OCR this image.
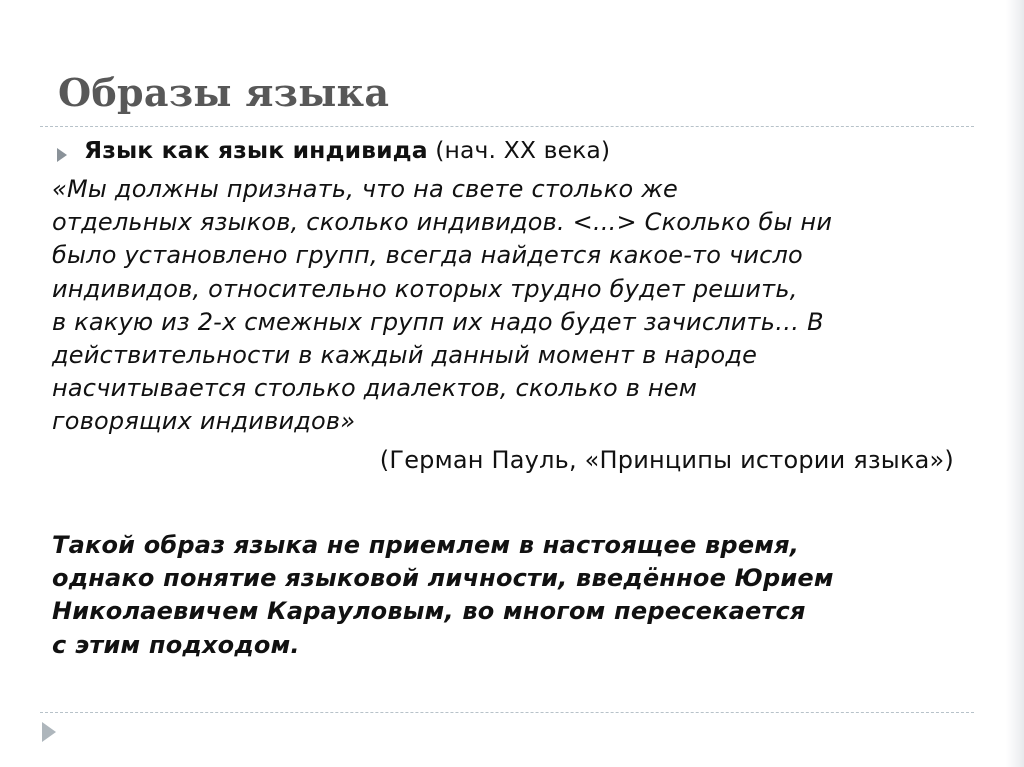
Образы языка

Язык как язык индивида (нач. XX века)

«Мы должны признать, что на свете столько же
отдельных языков, сколько индивидов. <...> Сколько бы ни
было установлено групп, всегда найдется какое-то число
индивидов, относительно которых трудно будет решить,
в какую из 2-х смежных групп их надо будет зачислить… В
действительности в каждый данный момент в народе
насчитывается столько диалектов, сколько в нем
говорящих индивидов»

(Герман Пауль, «Принципы истории языка»)

Такой образ языка не приемлем в настоящее время,
однако понятие языковой личности, введённое Юрием
Николаевичем Карауловым, во многом пересекается
с этим подходом.
